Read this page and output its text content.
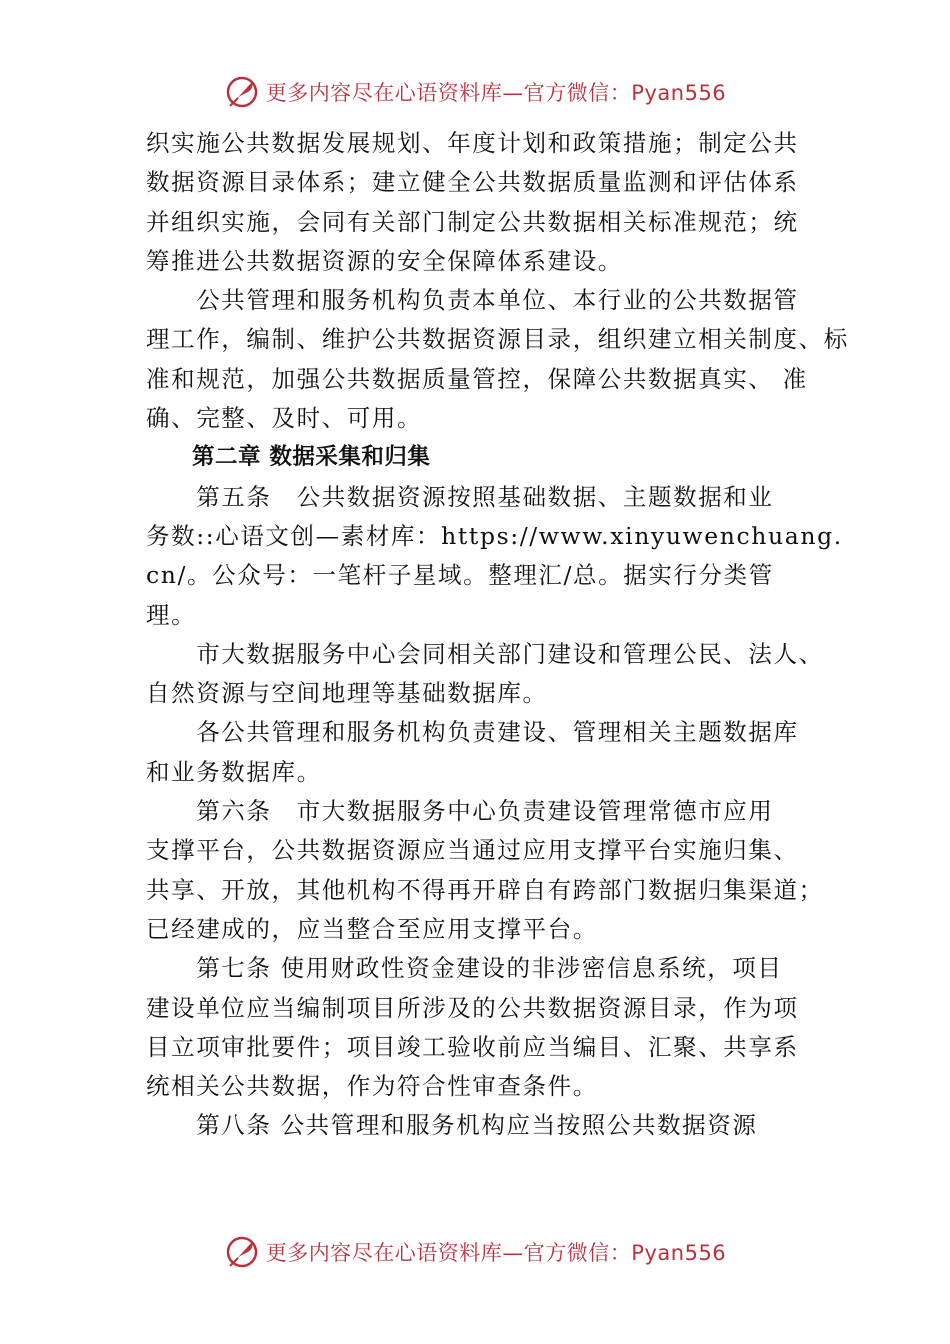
更多内容尽在心语资料库—官方微信：Pyan556
织实施公共数据发展规划、年度计划和政策措施；制定公共
数据资源目录体系；建立健全公共数据质量监测和评估体系
并组织实施，会同有关部门制定公共数据相关标准规范；统
筹推进公共数据资源的安全保障体系建设。
　　公共管理和服务机构负责本单位、本行业的公共数据管
理工作，编制、维护公共数据资源目录，组织建立相关制度、标
准和规范，加强公共数据质量管控，保障公共数据真实、 准
确、完整、及时、可用。
　　第二章 数据采集和归集
　　第五条　公共数据资源按照基础数据、主题数据和业
务数::心语文创—素材库：https://www.xinyuwenchuang.
cn/。公众号：一笔杆子星域。整理汇/总。据实行分类管
理。
　　市大数据服务中心会同相关部门建设和管理公民、法人、
自然资源与空间地理等基础数据库。
　　各公共管理和服务机构负责建设、管理相关主题数据库
和业务数据库。
　　第六条　市大数据服务中心负责建设管理常德市应用
支撑平台，公共数据资源应当通过应用支撑平台实施归集、
共享、开放，其他机构不得再开辟自有跨部门数据归集渠道；
已经建成的，应当整合至应用支撑平台。
　　第七条 使用财政性资金建设的非涉密信息系统，项目
建设单位应当编制项目所涉及的公共数据资源目录，作为项
目立项审批要件；项目竣工验收前应当编目、汇聚、共享系
统相关公共数据，作为符合性审查条件。
　　第八条 公共管理和服务机构应当按照公共数据资源
更多内容尽在心语资料库—官方微信：Pyan556
